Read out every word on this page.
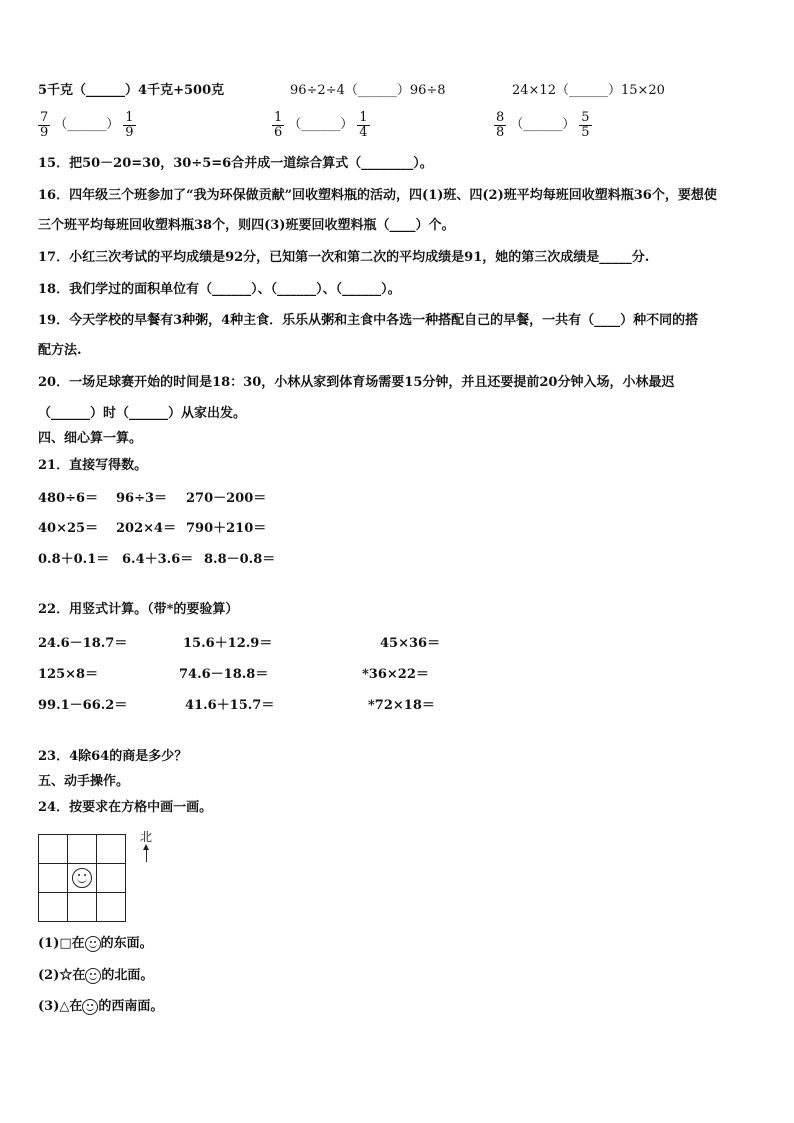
5千克（______）4千克+500克	96÷2÷4（______）96÷8	24×12（______）15×20
$\frac{7}{9}$ （______） $\frac{1}{9}$	$\frac{1}{6}$ （______） $\frac{1}{4}$	$\frac{8}{8}$ （______） $\frac{5}{5}$
15．把50－20=30，30÷5=6合并成一道综合算式（________）。
16．四年级三个班参加了“我为环保做贡献”回收塑料瓶的活动，四(1)班、四(2)班平均每班回收塑料瓶36个，要想使
三个班平均每班回收塑料瓶38个，则四(3)班要回收塑料瓶（____）个。
17．小红三次考试的平均成绩是92分，已知第一次和第二次的平均成绩是91，她的第三次成绩是_____分.
18．我们学过的面积单位有（______）、（______）、（______）。
19．今天学校的早餐有3种粥，4种主食．乐乐从粥和主食中各选一种搭配自己的早餐，一共有（____）种不同的搭
配方法.
20．一场足球赛开始的时间是18：30，小林从家到体育场需要15分钟，并且还要提前20分钟入场，小林最迟
（______）时（______）从家出发。
四、细心算一算。
21．直接写得数。
480÷6＝ 96÷3＝ 270－200＝
40×25＝ 202×4＝ 790＋210＝
0.8＋0.1＝ 6.4＋3.6＝ 8.8－0.8＝
22．用竖式计算。（带*的要验算）
24.6－18.7＝	15.6＋12.9＝	45×36＝
125×8＝	74.6－18.8＝	*36×22＝
99.1－66.2＝	41.6＋15.7＝	*72×18＝
23．4除64的商是多少？
五、动手操作。
24．按要求在方格中画一画。

北
(1)□在 的东面。
(2)☆在 的北面。
(3)△在 的西南面。
